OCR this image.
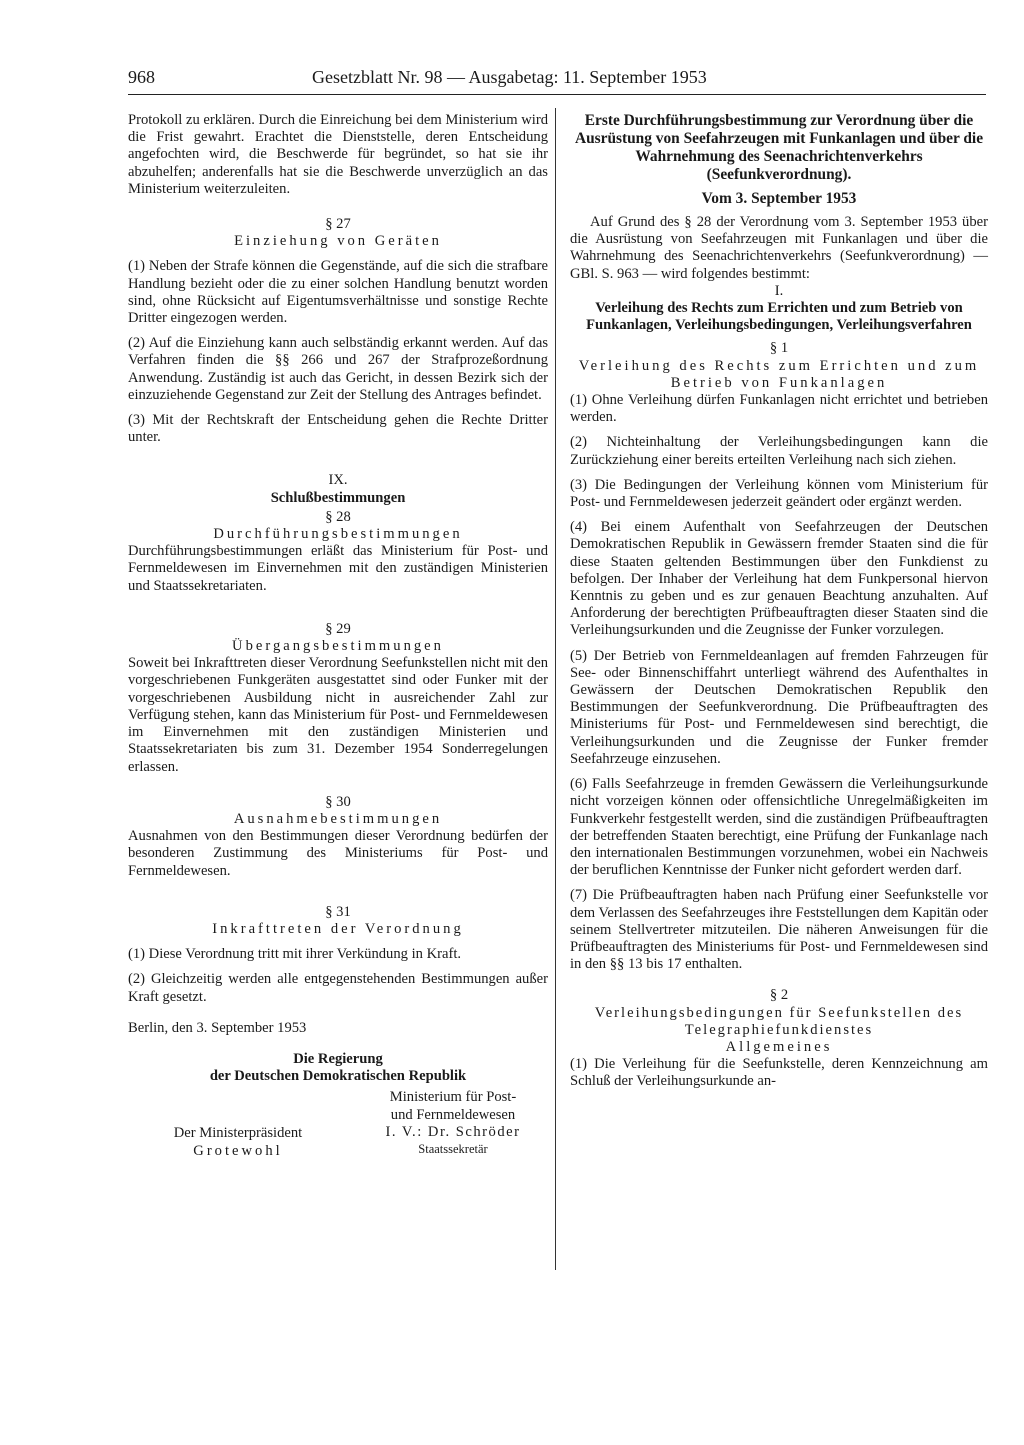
968	Gesetzblatt Nr. 98 — Ausgabetag: 11. September 1953

Protokoll zu erklären. Durch die Einreichung bei dem Ministerium wird die Frist gewahrt. Erachtet die Dienststelle, deren Entscheidung angefochten wird, die Beschwerde für begründet, so hat sie ihr abzuhelfen; anderenfalls hat sie die Beschwerde unverzüglich an das Ministerium weiterzuleiten.

§ 27
Einziehung von Geräten

(1) Neben der Strafe können die Gegenstände, auf die sich die strafbare Handlung bezieht oder die zu einer solchen Handlung benutzt worden sind, ohne Rücksicht auf Eigentumsverhältnisse und sonstige Rechte Dritter eingezogen werden.

(2) Auf die Einziehung kann auch selbständig erkannt werden. Auf das Verfahren finden die §§ 266 und 267 der Strafprozeßordnung Anwendung. Zuständig ist auch das Gericht, in dessen Bezirk sich der einzuziehende Gegenstand zur Zeit der Stellung des Antrages befindet.

(3) Mit der Rechtskraft der Entscheidung gehen die Rechte Dritter unter.

IX.
Schlußbestimmungen
§ 28
Durchführungsbestimmungen

Durchführungsbestimmungen erläßt das Ministerium für Post- und Fernmeldewesen im Einvernehmen mit den zuständigen Ministerien und Staatssekretariaten.

§ 29
Übergangsbestimmungen

Soweit bei Inkrafttreten dieser Verordnung Seefunkstellen nicht mit den vorgeschriebenen Funkgeräten ausgestattet sind oder Funker mit der vorgeschriebenen Ausbildung nicht in ausreichender Zahl zur Verfügung stehen, kann das Ministerium für Post- und Fernmeldewesen im Einvernehmen mit den zuständigen Ministerien und Staatssekretariaten bis zum 31. Dezember 1954 Sonderregelungen erlassen.

§ 30
Ausnahmebestimmungen

Ausnahmen von den Bestimmungen dieser Verordnung bedürfen der besonderen Zustimmung des Ministeriums für Post- und Fernmeldewesen.

§ 31
Inkrafttreten der Verordnung

(1) Diese Verordnung tritt mit ihrer Verkündung in Kraft.

(2) Gleichzeitig werden alle entgegenstehenden Bestimmungen außer Kraft gesetzt.

Berlin, den 3. September 1953

Die Regierung
der Deutschen Demokratischen Republik
Der Ministerpräsident
Grotewohl
Ministerium für Post-
und Fernmeldewesen
I. V.: Dr. Schröder
Staatssekretär
Erste Durchführungsbestimmung zur Verordnung über die Ausrüstung von Seefahrzeugen mit Funkanlagen und über die Wahrnehmung des Seenachrichtenverkehrs (Seefunkverordnung).
Vom 3. September 1953

Auf Grund des § 28 der Verordnung vom 3. September 1953 über die Ausrüstung von Seefahrzeugen mit Funkanlagen und über die Wahrnehmung des Seenachrichtenverkehrs (Seefunkverordnung) — GBl. S. 963 — wird folgendes bestimmt:

I.
Verleihung des Rechts zum Errichten und zum Betrieb von Funkanlagen, Verleihungsbedingungen, Verleihungsverfahren
§ 1
Verleihung des Rechts zum Errichten und zum Betrieb von Funkanlagen

(1) Ohne Verleihung dürfen Funkanlagen nicht errichtet und betrieben werden.

(2) Nichteinhaltung der Verleihungsbedingungen kann die Zurückziehung einer bereits erteilten Verleihung nach sich ziehen.

(3) Die Bedingungen der Verleihung können vom Ministerium für Post- und Fernmeldewesen jederzeit geändert oder ergänzt werden.

(4) Bei einem Aufenthalt von Seefahrzeugen der Deutschen Demokratischen Republik in Gewässern fremder Staaten sind die für diese Staaten geltenden Bestimmungen über den Funkdienst zu befolgen. Der Inhaber der Verleihung hat dem Funkpersonal hiervon Kenntnis zu geben und es zur genauen Beachtung anzuhalten. Auf Anforderung der berechtigten Prüfbeauftragten dieser Staaten sind die Verleihungsurkunden und die Zeugnisse der Funker vorzulegen.

(5) Der Betrieb von Fernmeldeanlagen auf fremden Fahrzeugen für See- oder Binnenschiffahrt unterliegt während des Aufenthaltes in Gewässern der Deutschen Demokratischen Republik den Bestimmungen der Seefunkverordnung. Die Prüfbeauftragten des Ministeriums für Post- und Fernmeldewesen sind berechtigt, die Verleihungsurkunden und die Zeugnisse der Funker fremder Seefahrzeuge einzusehen.

(6) Falls Seefahrzeuge in fremden Gewässern die Verleihungsurkunde nicht vorzeigen können oder offensichtliche Unregelmäßigkeiten im Funkverkehr festgestellt werden, sind die zuständigen Prüfbeauftragten der betreffenden Staaten berechtigt, eine Prüfung der Funkanlage nach den internationalen Bestimmungen vorzunehmen, wobei ein Nachweis der beruflichen Kenntnisse der Funker nicht gefordert werden darf.

(7) Die Prüfbeauftragten haben nach Prüfung einer Seefunkstelle vor dem Verlassen des Seefahrzeuges ihre Feststellungen dem Kapitän oder seinem Stellvertreter mitzuteilen. Die näheren Anweisungen für die Prüfbeauftragten des Ministeriums für Post- und Fernmeldewesen sind in den §§ 13 bis 17 enthalten.

§ 2
Verleihungsbedingungen für Seefunkstellen des Telegraphiefunkdienstes
Allgemeines

(1) Die Verleihung für die Seefunkstelle, deren Kennzeichnung am Schluß der Verleihungsurkunde an-
